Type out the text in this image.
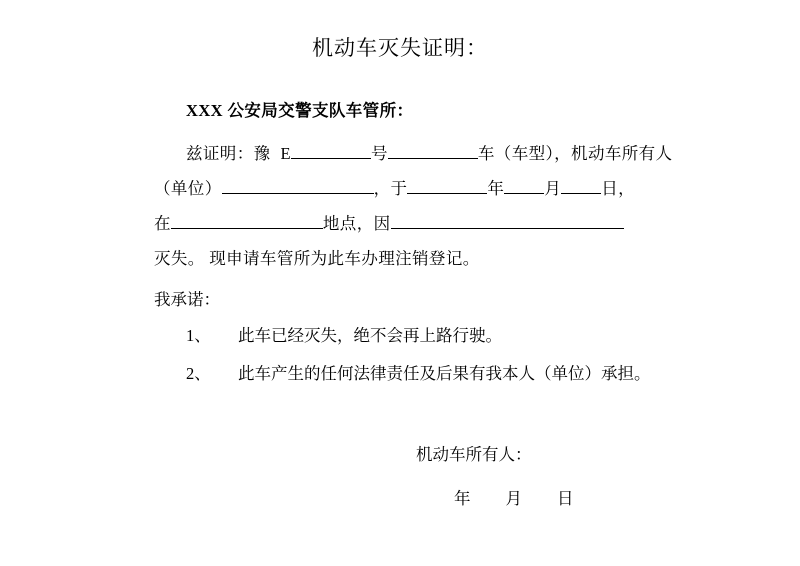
机动车灭失证明：
XXX 公安局交警支队车管所：
兹证明：豫 E	号	车（车型），机动车所有人
（单位）	，于	年 月 日，
在	地点，因
灭失。 现申请车管所为此车办理注销登记。
我承诺：
1、 此车已经灭失，绝不会再上路行驶。
2、 此车产生的任何法律责任及后果有我本人（单位）承担。
机动车所有人：
年 月 日
